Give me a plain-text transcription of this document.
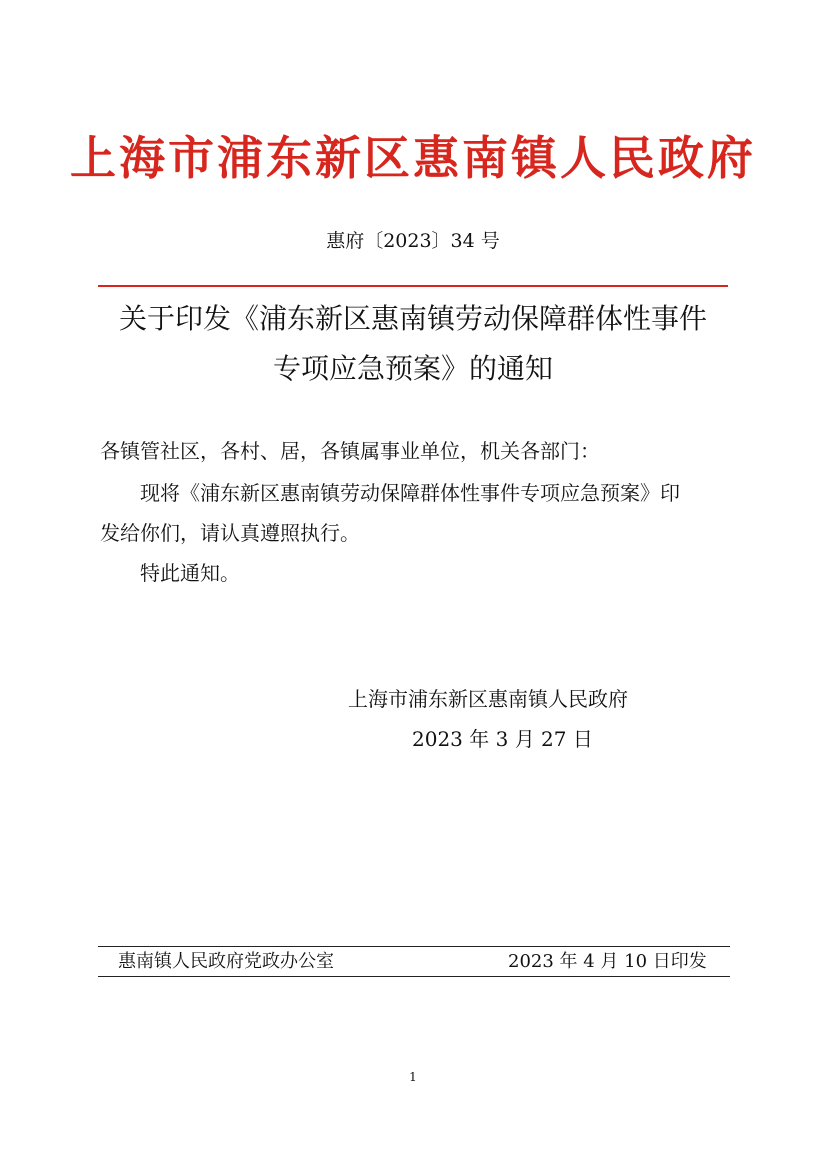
上海市浦东新区惠南镇人民政府
惠府〔2023〕34 号
关于印发《浦东新区惠南镇劳动保障群体性事件
专项应急预案》的通知
各镇管社区，各村、居，各镇属事业单位，机关各部门：
现将《浦东新区惠南镇劳动保障群体性事件专项应急预案》印
发给你们，请认真遵照执行。
特此通知。
上海市浦东新区惠南镇人民政府
2023 年 3 月 27 日
惠南镇人民政府党政办公室	2023 年 4 月 10 日印发
1
